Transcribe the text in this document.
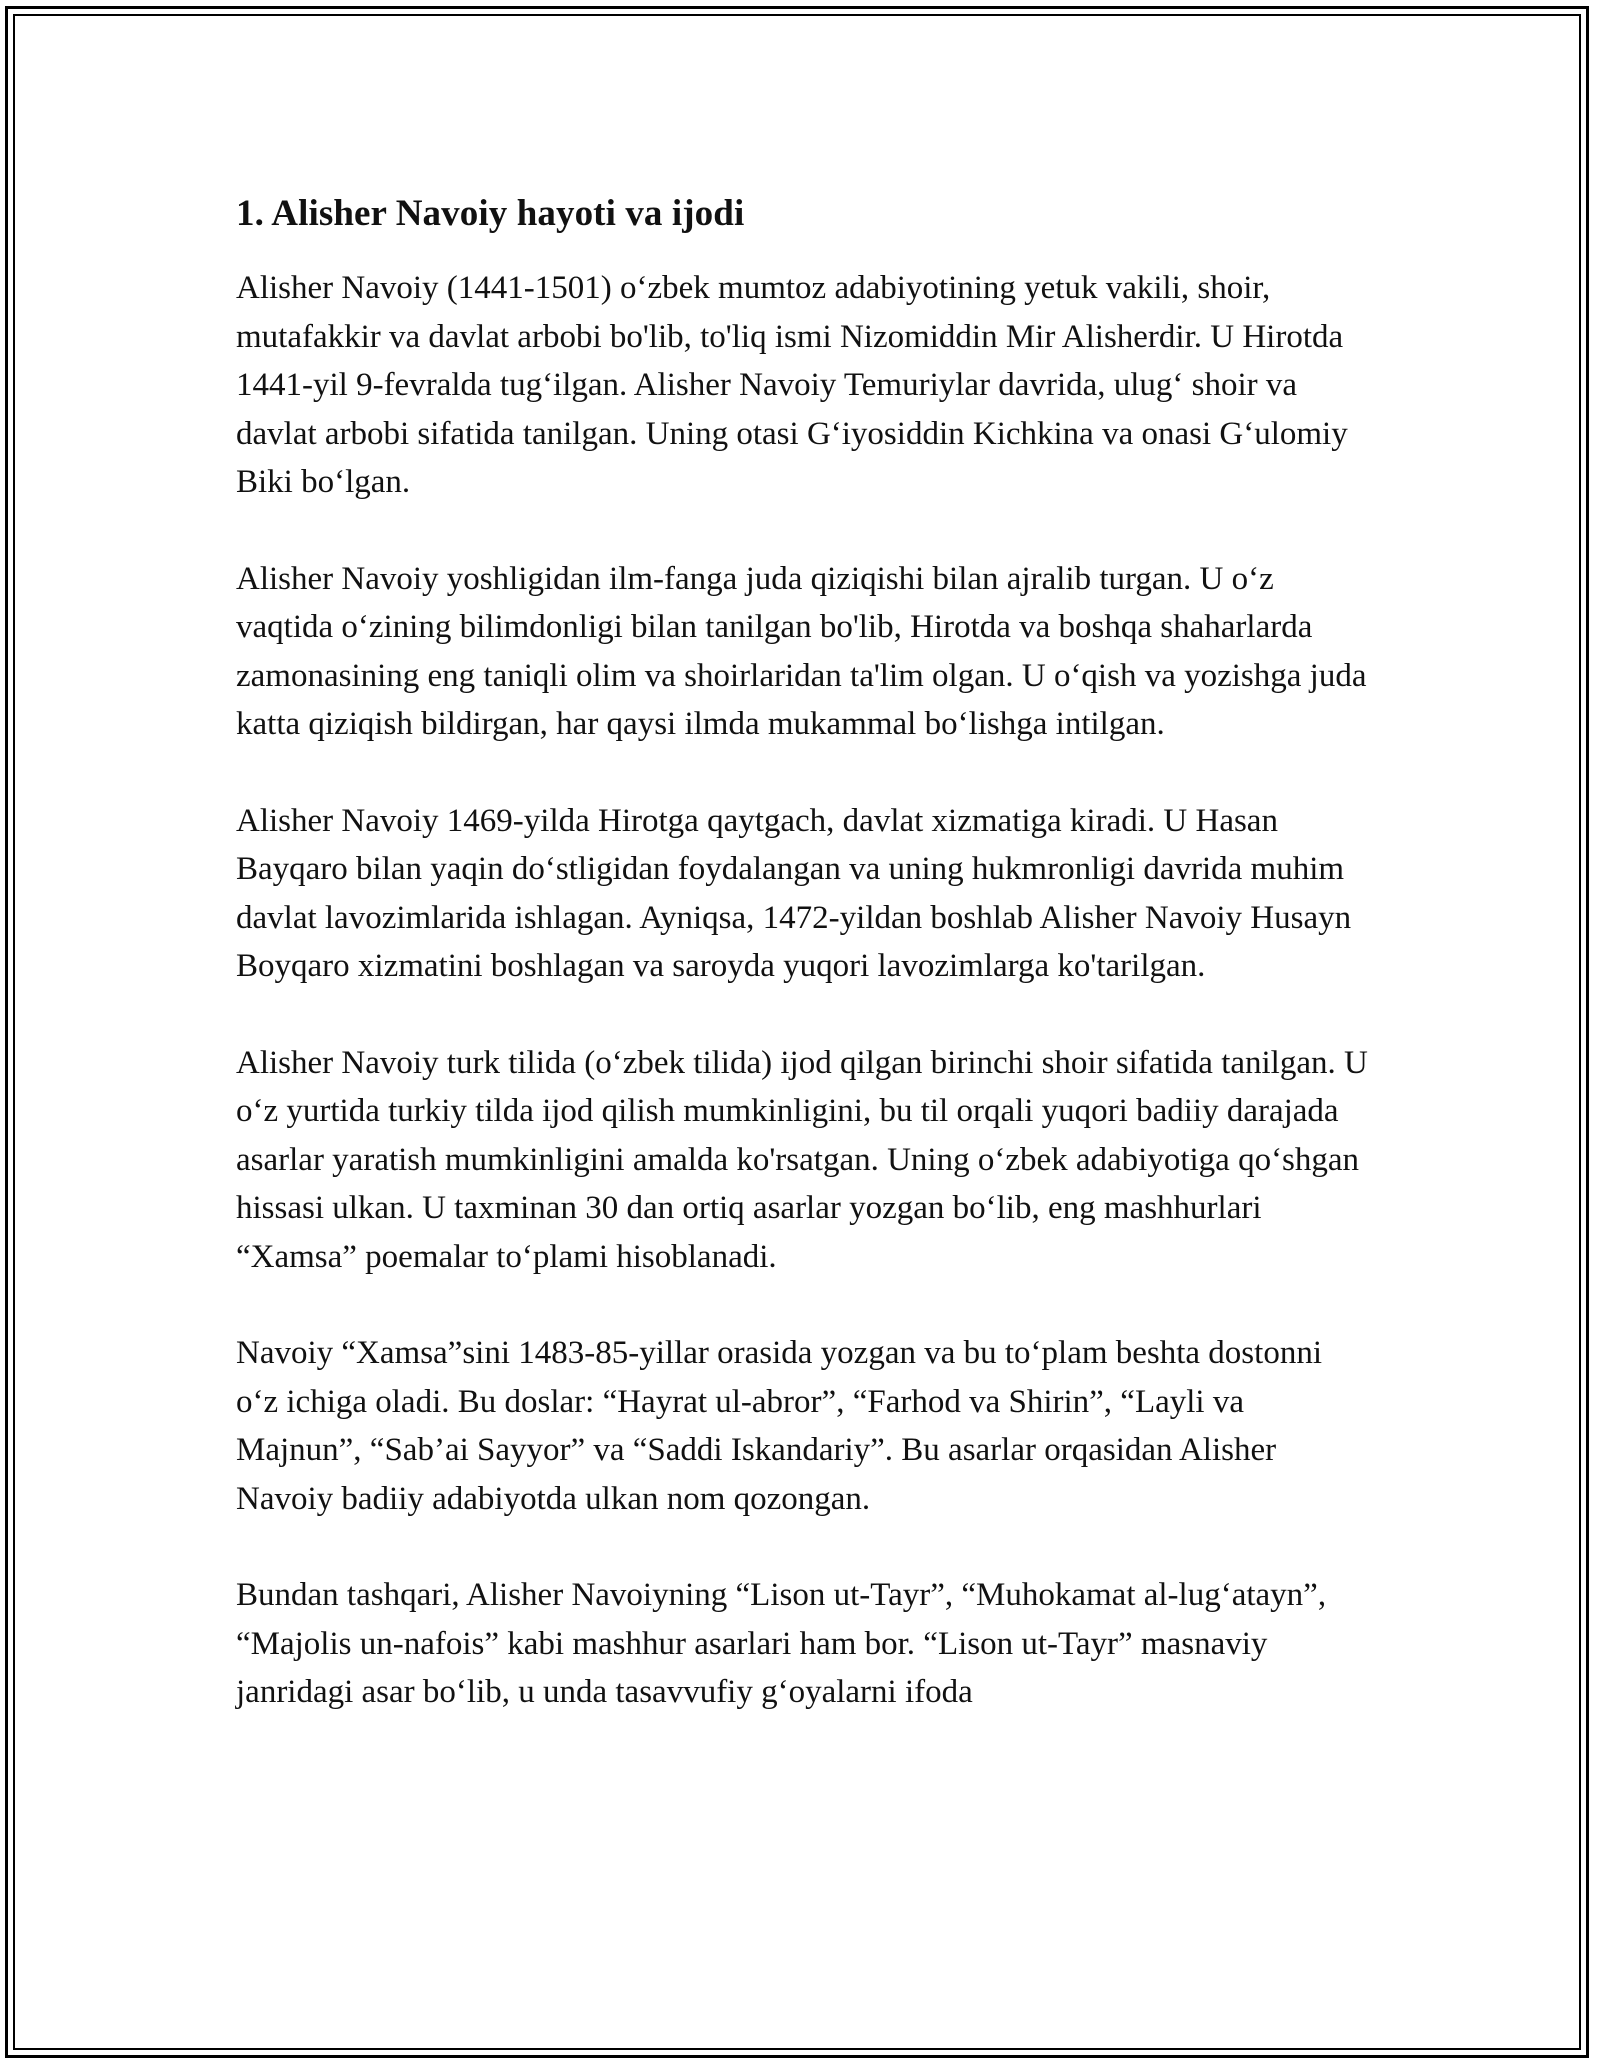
1. Alisher Navoiy hayoti va ijodi

Alisher Navoiy (1441-1501) o‘zbek mumtoz adabiyotining yetuk vakili, shoir, mutafakkir va davlat arbobi bo'lib, to'liq ismi Nizomiddin Mir Alisherdir. U Hirotda 1441-yil 9-fevralda tug‘ilgan. Alisher Navoiy Temuriylar davrida, ulug‘ shoir va davlat arbobi sifatida tanilgan. Uning otasi G‘iyosiddin Kichkina va onasi G‘ulomiy Biki bo‘lgan.

Alisher Navoiy yoshligidan ilm-fanga juda qiziqishi bilan ajralib turgan. U o‘z vaqtida o‘zining bilimdonligi bilan tanilgan bo'lib, Hirotda va boshqa shaharlarda zamonasining eng taniqli olim va shoirlaridan ta'lim olgan. U o‘qish va yozishga juda katta qiziqish bildirgan, har qaysi ilmda mukammal bo‘lishga intilgan.

Alisher Navoiy 1469-yilda Hirotga qaytgach, davlat xizmatiga kiradi. U Hasan Bayqaro bilan yaqin do‘stligidan foydalangan va uning hukmronligi davrida muhim davlat lavozimlarida ishlagan. Ayniqsa, 1472-yildan boshlab Alisher Navoiy Husayn Boyqaro xizmatini boshlagan va saroyda yuqori lavozimlarga ko'tarilgan.

Alisher Navoiy turk tilida (o‘zbek tilida) ijod qilgan birinchi shoir sifatida tanilgan. U o‘z yurtida turkiy tilda ijod qilish mumkinligini, bu til orqali yuqori badiiy darajada asarlar yaratish mumkinligini amalda ko'rsatgan. Uning o‘zbek adabiyotiga qo‘shgan hissasi ulkan. U taxminan 30 dan ortiq asarlar yozgan bo‘lib, eng mashhurlari “Xamsa” poemalar to‘plami hisoblanadi.

Navoiy “Xamsa”sini 1483-85-yillar orasida yozgan va bu to‘plam beshta dostonni o‘z ichiga oladi. Bu doslar: “Hayrat ul-abror”, “Farhod va Shirin”, “Layli va Majnun”, “Sab’ai Sayyor” va “Saddi Iskandariy”. Bu asarlar orqasidan Alisher Navoiy badiiy adabiyotda ulkan nom qozongan.

Bundan tashqari, Alisher Navoiyning “Lison ut-Tayr”, “Muhokamat al-lug‘atayn”, “Majolis un-nafois” kabi mashhur asarlari ham bor. “Lison ut-Tayr” masnaviy janridagi asar bo‘lib, u unda tasavvufiy g‘oyalarni ifoda
